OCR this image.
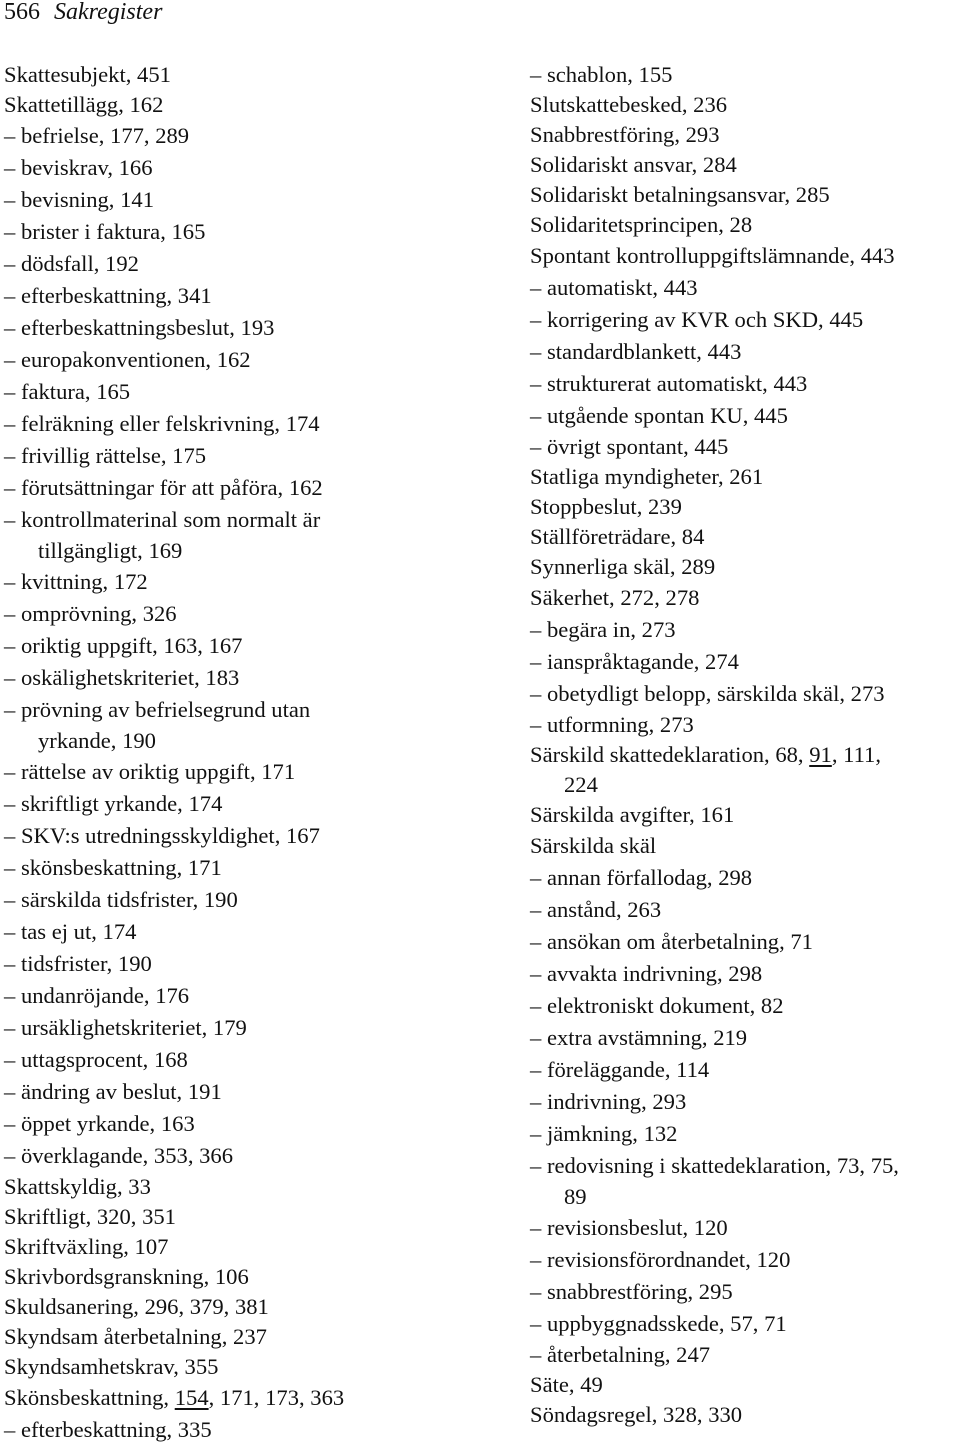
566 Sakregister
Skattesubjekt, 451
Skattetillägg, 162
– befrielse, 177, 289
– beviskrav, 166
– bevisning, 141
– brister i faktura, 165
– dödsfall, 192
– efterbeskattning, 341
– efterbeskattningsbeslut, 193
– europakonventionen, 162
– faktura, 165
– felräkning eller felskrivning, 174
– frivillig rättelse, 175
– förutsättningar för att påföra, 162
– kontrollmaterinal som normalt är
tillgängligt, 169
– kvittning, 172
– omprövning, 326
– oriktig uppgift, 163, 167
– oskälighetskriteriet, 183
– prövning av befrielsegrund utan
yrkande, 190
– rättelse av oriktig uppgift, 171
– skriftligt yrkande, 174
– SKV:s utredningsskyldighet, 167
– skönsbeskattning, 171
– särskilda tidsfrister, 190
– tas ej ut, 174
– tidsfrister, 190
– undanröjande, 176
– ursäklighetskriteriet, 179
– uttagsprocent, 168
– ändring av beslut, 191
– öppet yrkande, 163
– överklagande, 353, 366
Skattskyldig, 33
Skriftligt, 320, 351
Skriftväxling, 107
Skrivbordsgranskning, 106
Skuldsanering, 296, 379, 381
Skyndsam återbetalning, 237
Skyndsamhetskrav, 355
Skönsbeskattning, 154, 171, 173, 363
– efterbeskattning, 335
– schablon, 155
Slutskattebesked, 236
Snabbrestföring, 293
Solidariskt ansvar, 284
Solidariskt betalningsansvar, 285
Solidaritetsprincipen, 28
Spontant kontrolluppgiftslämnande, 443
– automatiskt, 443
– korrigering av KVR och SKD, 445
– standardblankett, 443
– strukturerat automatiskt, 443
– utgående spontan KU, 445
– övrigt spontant, 445
Statliga myndigheter, 261
Stoppbeslut, 239
Ställföreträdare, 84
Synnerliga skäl, 289
Säkerhet, 272, 278
– begära in, 273
– ianspråktagande, 274
– obetydligt belopp, särskilda skäl, 273
– utformning, 273
Särskild skattedeklaration, 68, 91, 111,
224
Särskilda avgifter, 161
Särskilda skäl
– annan förfallodag, 298
– anstånd, 263
– ansökan om återbetalning, 71
– avvakta indrivning, 298
– elektroniskt dokument, 82
– extra avstämning, 219
– föreläggande, 114
– indrivning, 293
– jämkning, 132
– redovisning i skattedeklaration, 73, 75,
89
– revisionsbeslut, 120
– revisionsförordnandet, 120
– snabbrestföring, 295
– uppbyggnadsskede, 57, 71
– återbetalning, 247
Säte, 49
Söndagsregel, 328, 330
